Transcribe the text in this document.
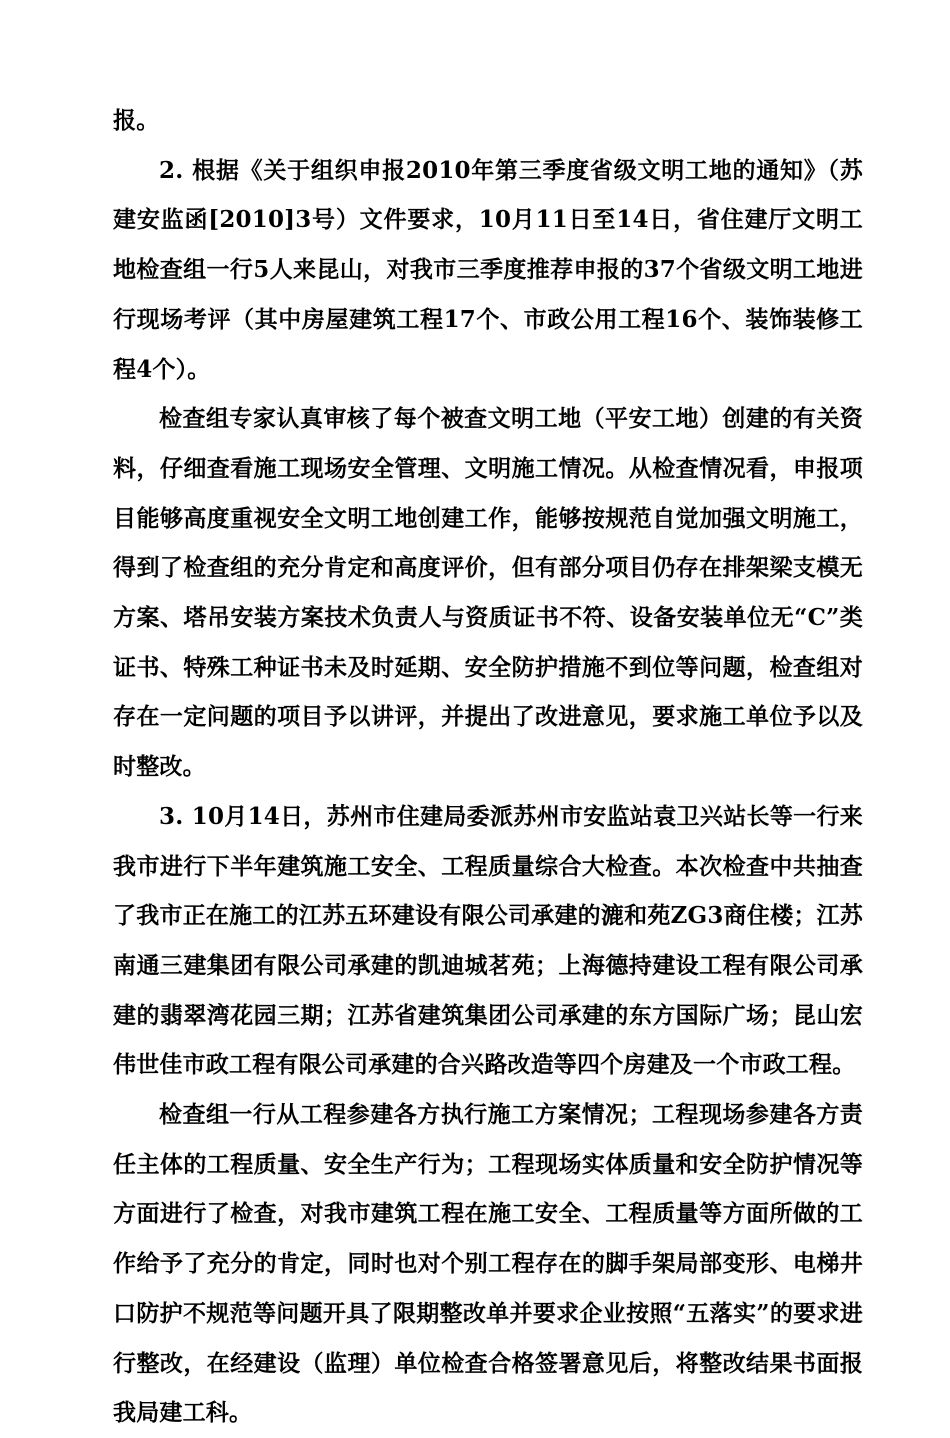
报。

2. 根据《关于组织申报2010年第三季度省级文明工地的通知》（苏建安监函[2010]3号）文件要求，10月11日至14日，省住建厅文明工地检查组一行5人来昆山，对我市三季度推荐申报的37个省级文明工地进行现场考评（其中房屋建筑工程17个、市政公用工程16个、装饰装修工程4个）。

检查组专家认真审核了每个被查文明工地（平安工地）创建的有关资料，仔细查看施工现场安全管理、文明施工情况。从检查情况看，申报项目能够高度重视安全文明工地创建工作，能够按规范自觉加强文明施工，得到了检查组的充分肯定和高度评价，但有部分项目仍存在排架梁支模无方案、塔吊安装方案技术负责人与资质证书不符、设备安装单位无“C”类证书、特殊工种证书未及时延期、安全防护措施不到位等问题，检查组对存在一定问题的项目予以讲评，并提出了改进意见，要求施工单位予以及时整改。

3. 10月14日，苏州市住建局委派苏州市安监站袁卫兴站长等一行来我市进行下半年建筑施工安全、工程质量综合大检查。本次检查中共抽查了我市正在施工的江苏五环建设有限公司承建的漉和苑ZG3商住楼；江苏南通三建集团有限公司承建的凯迪城茗苑；上海德持建设工程有限公司承建的翡翠湾花园三期；江苏省建筑集团公司承建的东方国际广场；昆山宏伟世佳市政工程有限公司承建的合兴路改造等四个房建及一个市政工程。

检查组一行从工程参建各方执行施工方案情况；工程现场参建各方责任主体的工程质量、安全生产行为；工程现场实体质量和安全防护情况等方面进行了检查，对我市建筑工程在施工安全、工程质量等方面所做的工作给予了充分的肯定，同时也对个别工程存在的脚手架局部变形、电梯井口防护不规范等问题开具了限期整改单并要求企业按照“五落实”的要求进行整改，在经建设（监理）单位检查合格签署意见后，将整改结果书面报我局建工科。
